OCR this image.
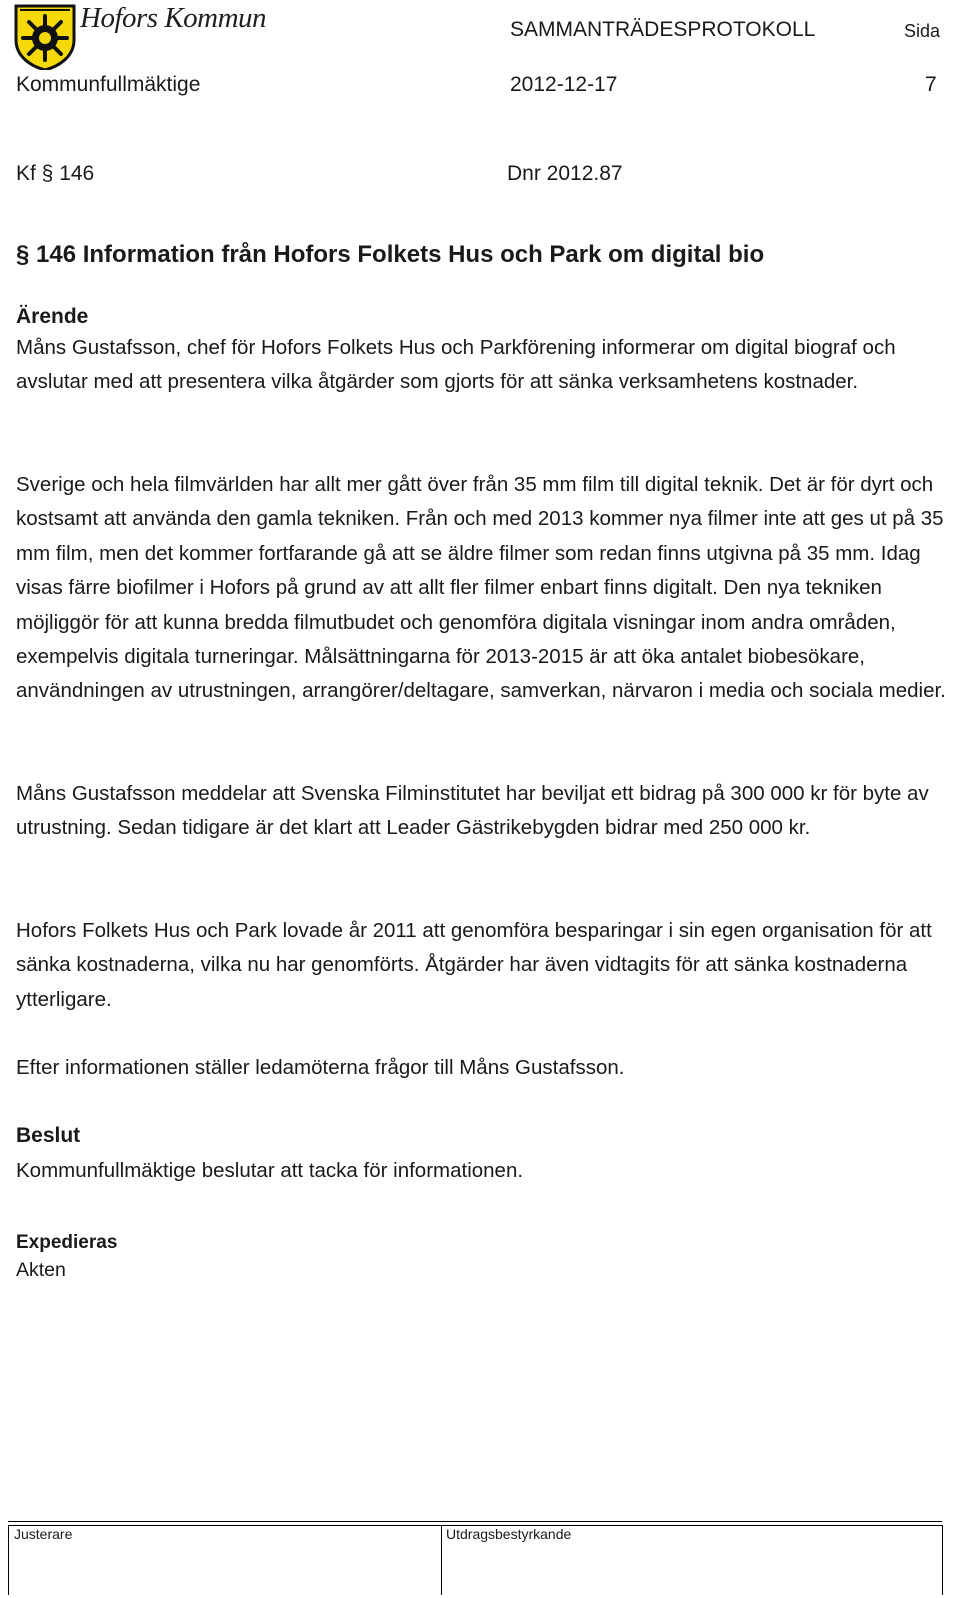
Hofors Kommun	SAMMANTRÄDESPROTOKOLL	Sida
Kommunfullmäktige	2012-12-17	7
Kf § 146	Dnr 2012.87
§ 146 Information från Hofors Folkets Hus och Park om digital bio
Ärende

Måns Gustafsson, chef för Hofors Folkets Hus och Parkförening informerar om digital biograf och avslutar med att presentera vilka åtgärder som gjorts för att sänka verksamhetens kostnader.

Sverige och hela filmvärlden har allt mer gått över från 35 mm film till digital teknik. Det är för dyrt och kostsamt att använda den gamla tekniken. Från och med 2013 kommer nya filmer inte att ges ut på 35 mm film, men det kommer fortfarande gå att se äldre filmer som redan finns utgivna på 35 mm. Idag visas färre biofilmer i Hofors på grund av att allt fler filmer enbart finns digitalt. Den nya tekniken möjliggör för att kunna bredda filmutbudet och genomföra digitala visningar inom andra områden, exempelvis digitala turneringar. Målsättningarna för 2013-2015 är att öka antalet biobesökare, användningen av utrustningen, arrangörer/deltagare, samverkan, närvaron i media och sociala medier.

Måns Gustafsson meddelar att Svenska Filminstitutet har beviljat ett bidrag på 300 000 kr för byte av utrustning. Sedan tidigare är det klart att Leader Gästrikebygden bidrar med 250 000 kr.

Hofors Folkets Hus och Park lovade år 2011 att genomföra besparingar i sin egen organisation för att sänka kostnaderna, vilka nu har genomförts. Åtgärder har även vidtagits för att sänka kostnaderna ytterligare.

Efter informationen ställer ledamöterna frågor till Måns Gustafsson.

Beslut

Kommunfullmäktige beslutar att tacka för informationen.

Expedieras
Akten
Justerare	Utdragsbestyrkande
